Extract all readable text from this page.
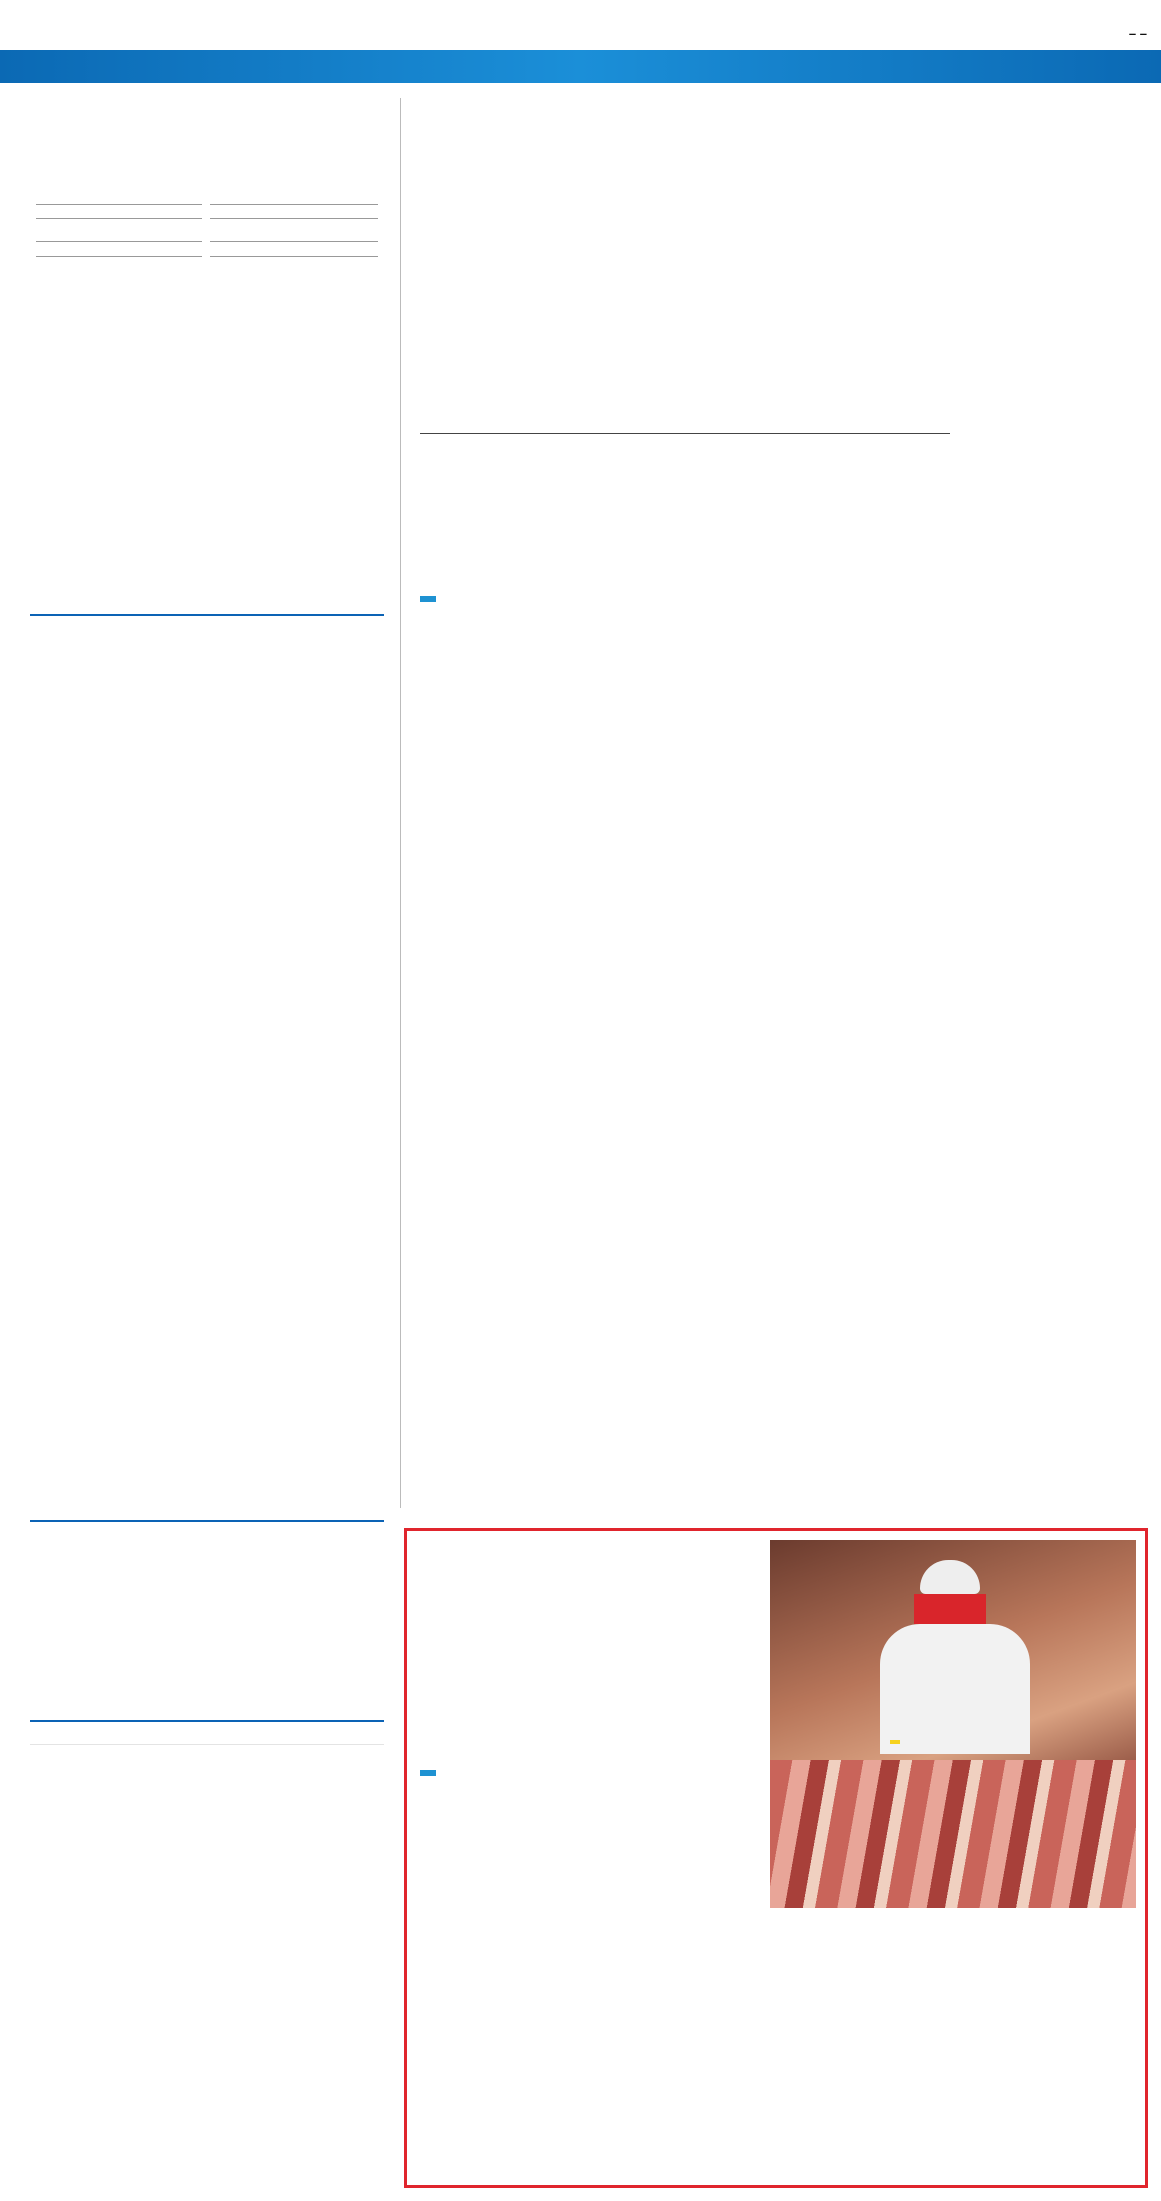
– –
